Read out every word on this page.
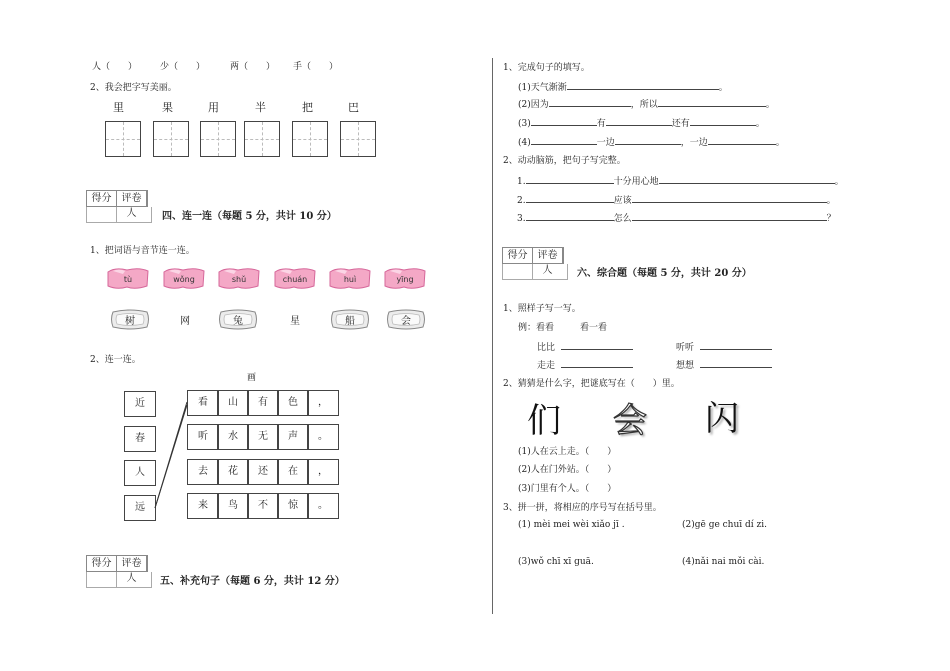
人（　　）	少（　　）	两（　　） 手（　　）
2、我会把字写美丽。
里	果	用	半	把	巴
得分	评卷人	四、连一连（每题 5 分，共计 10 分）
1、把词语与音节连一连。
tù	wǒng	shǔ	chuán	huì	yīng
树	网	兔	星	船	会
2、连一连。
画
近
春
人
远
看	山	有	色	，
听	水	无	声	。
去	花	还	在	，
来	鸟	不	惊	。
得分	评卷人	五、补充句子（每题 6 分，共计 12 分）
1、完成句子的填写。
(1)天气渐渐	。
(2)因为	，所以	。
(3)	有	还有	。
(4)	一边	，一边	。
2、动动脑筋，把句子写完整。
1.	十分用心地	。
2.	应该	。
3.	怎么	？
得分	评卷人	六、综合题（每题 5 分，共计 20 分）
1、照样子写一写。
例：看看	看一看
比比	听听
走走	想想
2、猜猜是什么字，把谜底写在（　　）里。
们 会 闪
(1)人在云上走。（　　）
(2)人在门外站。（　　）
(3)门里有个人。（　　）
3、拼一拼，将相应的序号写在括号里。
(1) mèi mei wèi xiǎo jī .	(2)gē ge chuī dí zi.
(3)wǒ chī xī guā.	(4)nǎi nai mǒi cài.
